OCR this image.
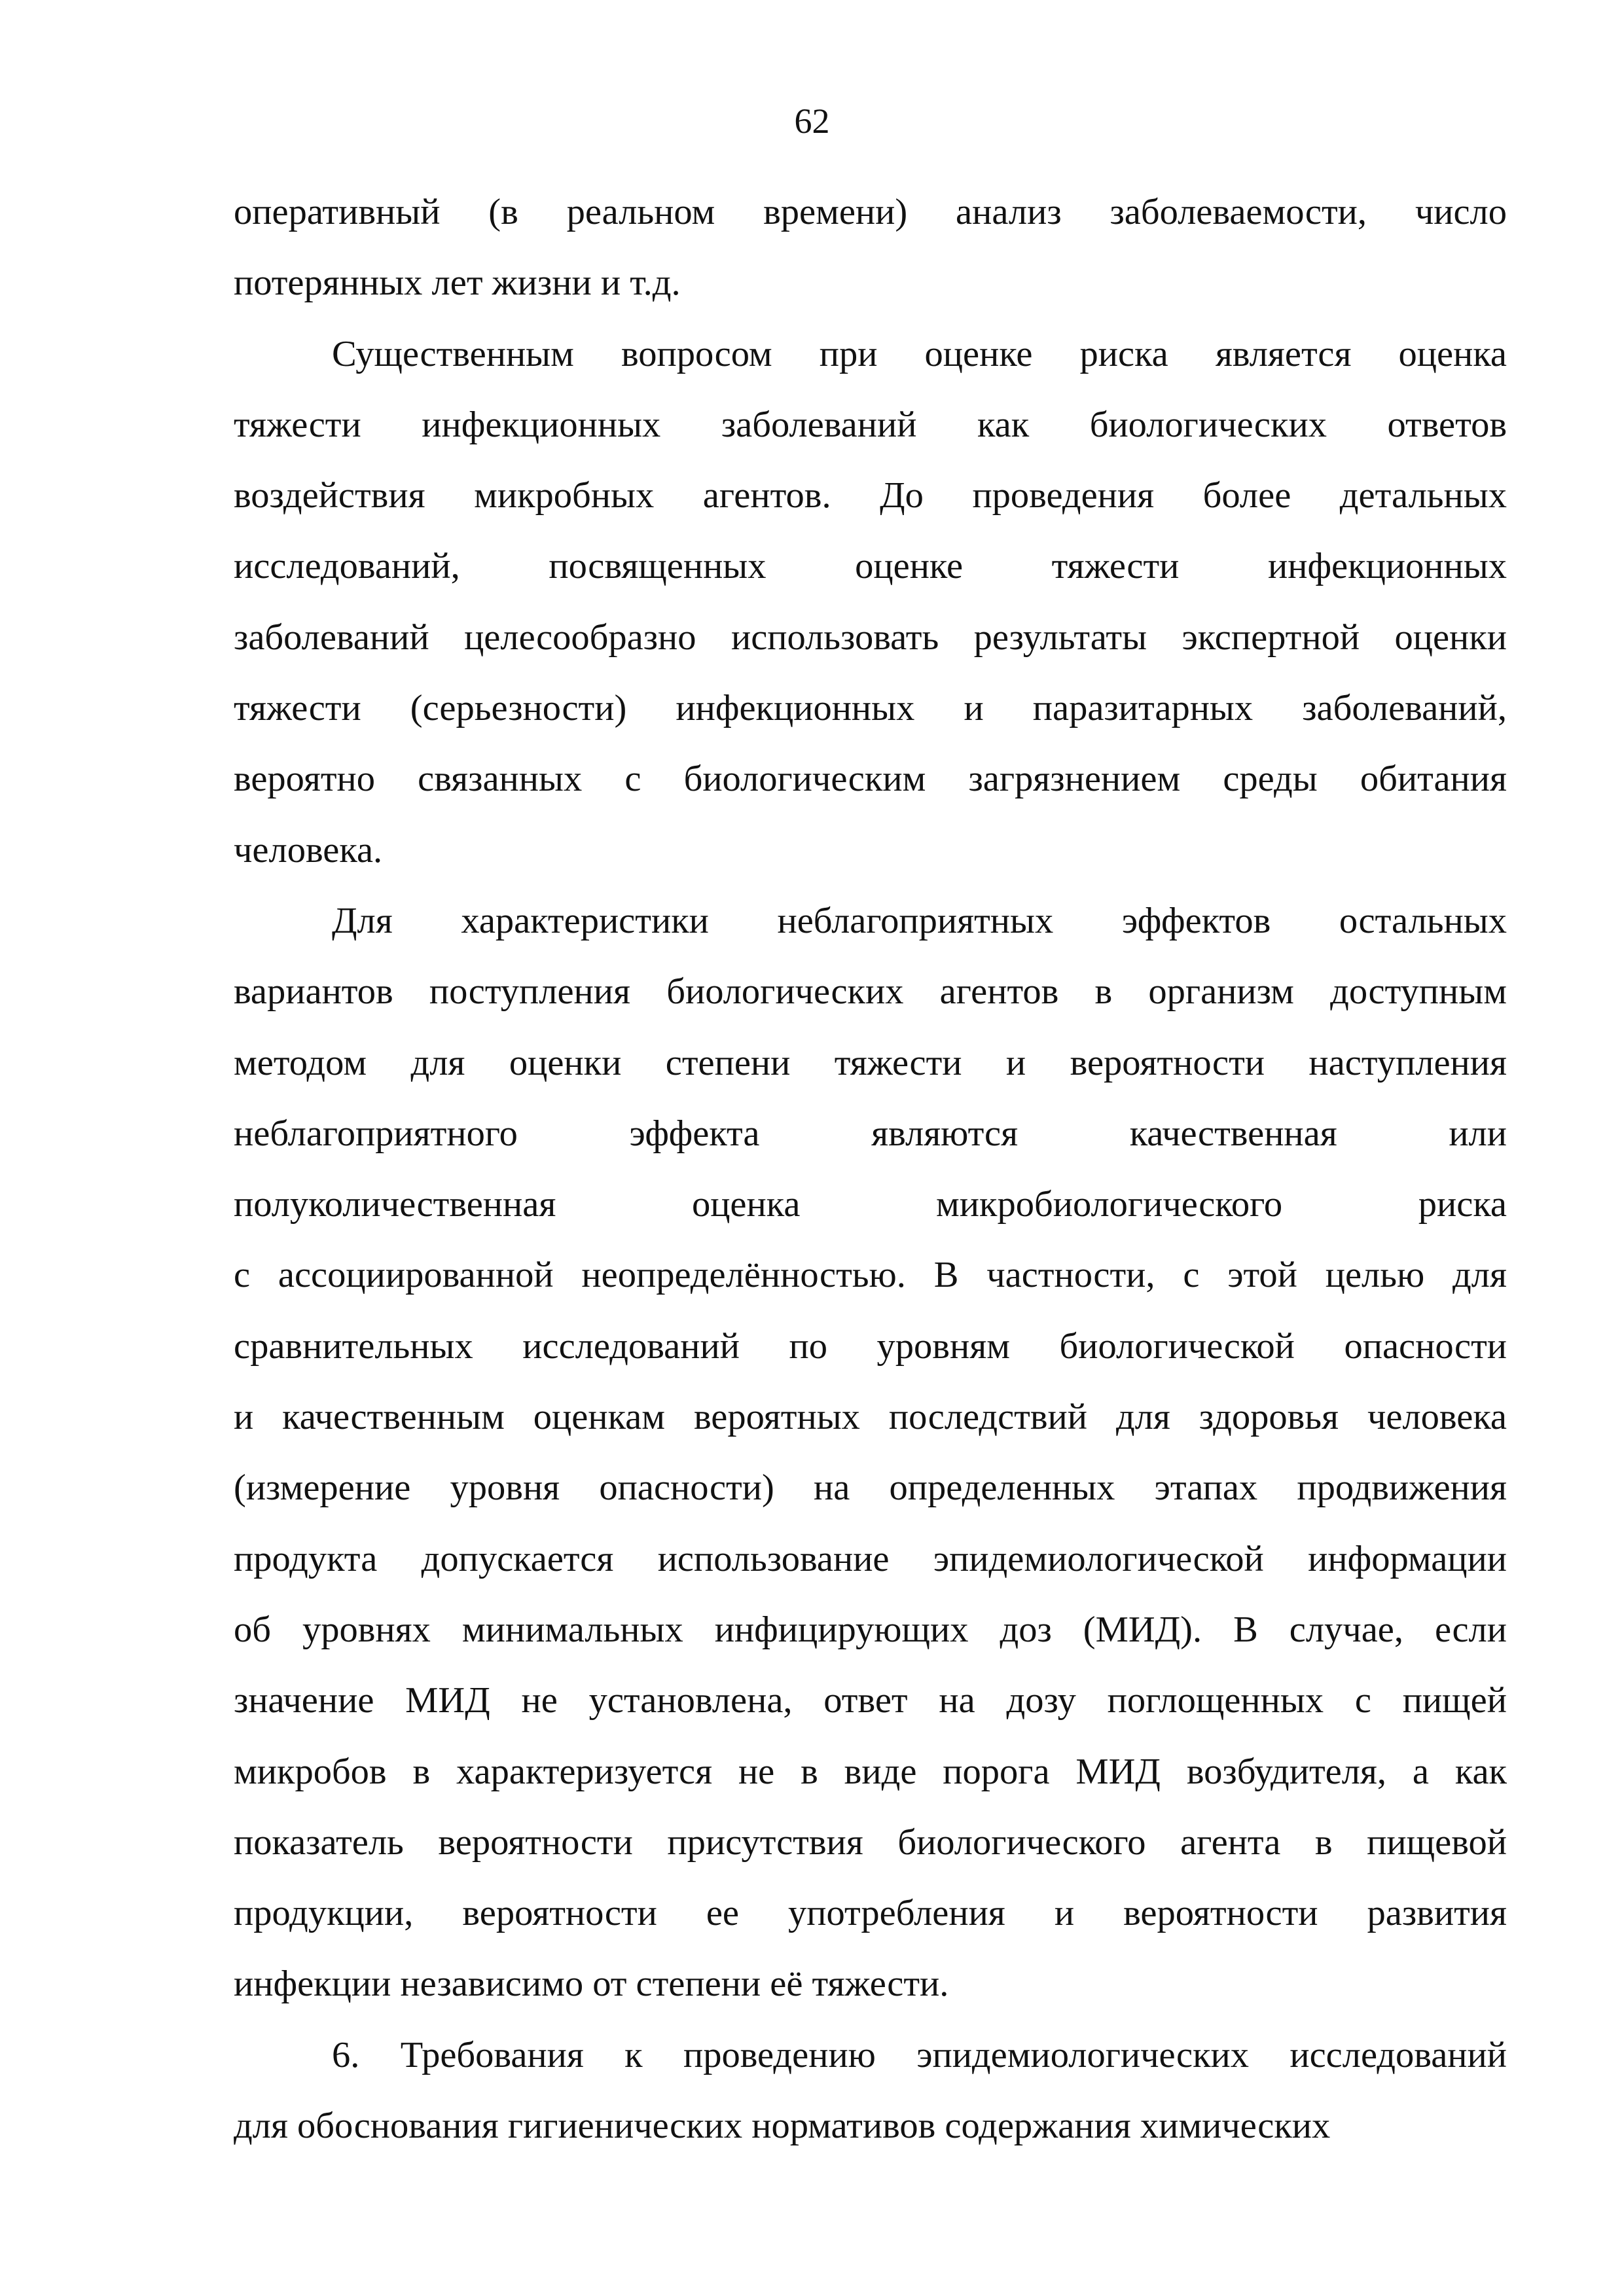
62
оперативный (в реальном времени) анализ заболеваемости, число
потерянных лет жизни и т.д.
Существенным вопросом при оценке риска является оценка
тяжести инфекционных заболеваний как биологических ответов
воздействия микробных агентов. До проведения более детальных
исследований, посвященных оценке тяжести инфекционных
заболеваний целесообразно использовать результаты экспертной оценки
тяжести (серьезности) инфекционных и паразитарных заболеваний,
вероятно связанных с биологическим загрязнением среды обитания
человека.
Для характеристики неблагоприятных эффектов остальных
вариантов поступления биологических агентов в организм доступным
методом для оценки степени тяжести и вероятности наступления
неблагоприятного эффекта являются качественная или
полуколичественная оценка микробиологического риска
с ассоциированной неопределённостью. В частности, с этой целью для
сравнительных исследований по уровням биологической опасности
и качественным оценкам вероятных последствий для здоровья человека
(измерение уровня опасности) на определенных этапах продвижения
продукта допускается использование эпидемиологической информации
об уровнях минимальных инфицирующих доз (МИД). В случае, если
значение МИД не установлена, ответ на дозу поглощенных с пищей
микробов в характеризуется не в виде порога МИД возбудителя, а как
показатель вероятности присутствия биологического агента в пищевой
продукции, вероятности ее употребления и вероятности развития
инфекции независимо от степени её тяжести.
6. Требования к проведению эпидемиологических исследований
для обоснования гигиенических нормативов содержания химических
